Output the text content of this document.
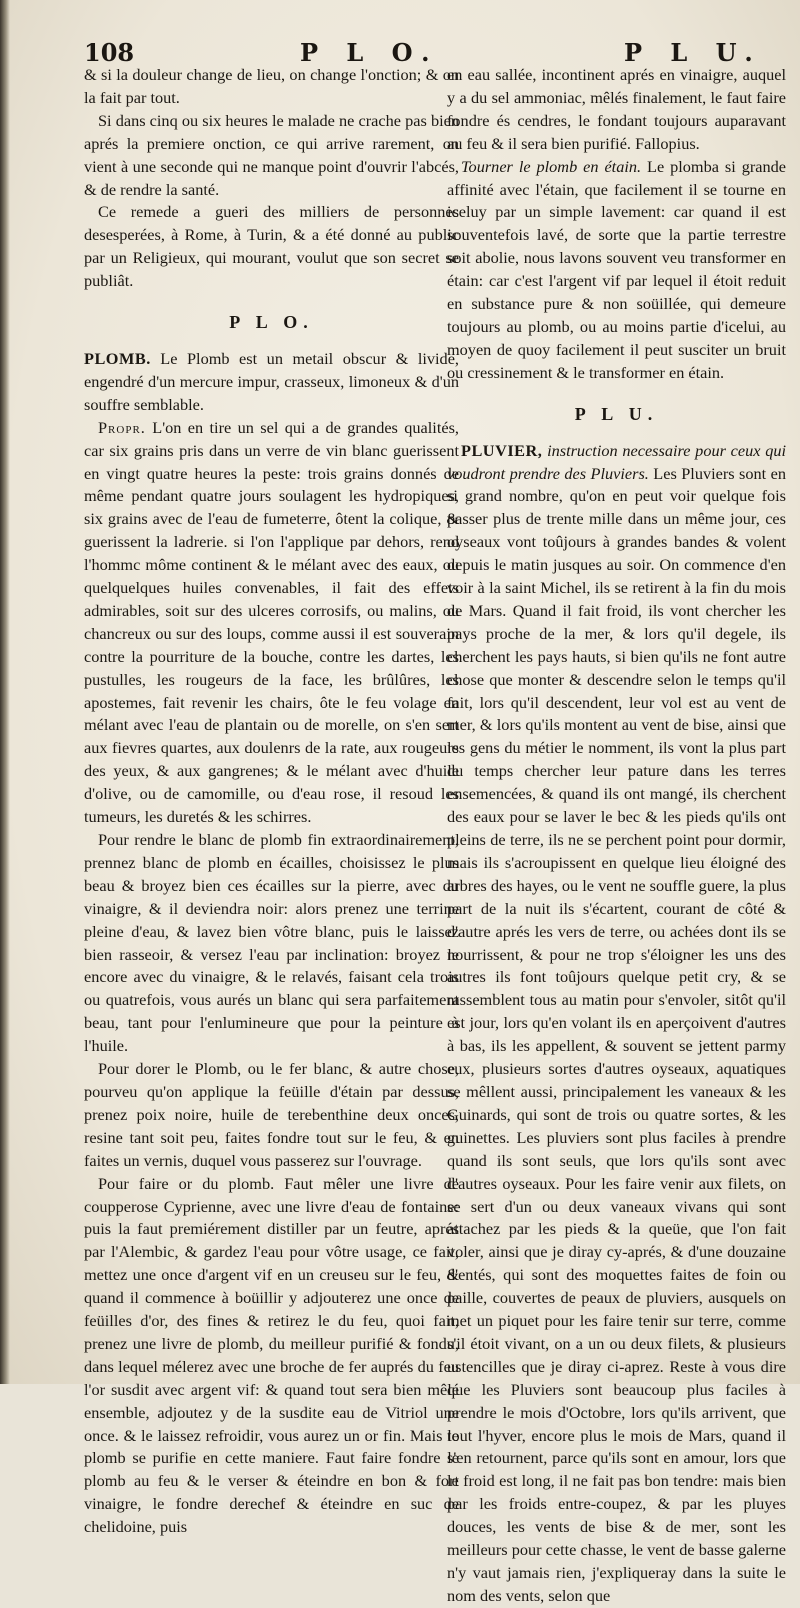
108	P L O.	P L U.

& si la douleur change de lieu, on change l'onction; & on la fait par tout.

Si dans cinq ou six heures le malade ne crache pas bien aprés la premiere onction, ce qui arrive rarement, on vient à une seconde qui ne manque point d'ouvrir l'abcés, & de rendre la santé.

Ce remede a gueri des milliers de personnes desesperées, à Rome, à Turin, & a été donné au public par un Religieux, qui mourant, voulut que son secret se publiât.

P L O.

PLOMB. Le Plomb est un metail obscur & livide, engendré d'un mercure impur, crasseux, limoneux & d'un souffre semblable.

Propr. L'on en tire un sel qui a de grandes qualités, car six grains pris dans un verre de vin blanc guerissent en vingt quatre heures la peste: trois grains donnés de même pendant quatre jours soulagent les hydropiques, six grains avec de l'eau de fumeterre, ôtent la colique, & guerissent la ladrerie. si l'on l'applique par dehors, rend l'hommc môme continent & le mélant avec des eaux, ou quelquelques huiles convenables, il fait des effets admirables, soit sur des ulceres corrosifs, ou malins, ou chancreux ou sur des loups, comme aussi il est souverain contre la pourriture de la bouche, contre les dartes, les pustulles, les rougeurs de la face, les brûlûres, les apostemes, fait revenir les chairs, ôte le feu volage en mélant avec l'eau de plantain ou de morelle, on s'en sert aux fievres quartes, aux doulenrs de la rate, aux rougeurs des yeux, & aux gangrenes; & le mélant avec d'huile d'olive, ou de camomille, ou d'eau rose, il resoud les tumeurs, les duretés & les schirres.

Pour rendre le blanc de plomb fin extraordinairement, prennez blanc de plomb en écailles, choisissez le plus beau & broyez bien ces écailles sur la pierre, avec du vinaigre, & il deviendra noir: alors prenez une terrine pleine d'eau, & lavez bien vôtre blanc, puis le laissez bien rasseoir, & versez l'eau par inclination: broyez le encore avec du vinaigre, & le relavés, faisant cela trois ou quatrefois, vous aurés un blanc qui sera parfaitement beau, tant pour l'enlumineure que pour la peinture à l'huile.

Pour dorer le Plomb, ou le fer blanc, & autre chose, pourveu qu'on applique la feüille d'étain par dessus, prenez poix noire, huile de terebenthine deux onces, resine tant soit peu, faites fondre tout sur le feu, & en faites un vernis, duquel vous passerez sur l'ouvrage.

Pour faire or du plomb. Faut mêler une livre de coupperose Cyprienne, avec une livre d'eau de fontaine: puis la faut premiérement distiller par un feutre, aprés par l'Alembic, & gardez l'eau pour vôtre usage, ce fait, mettez une once d'argent vif en un creuseu sur le feu, & quand il commence à boüillir y adjouterez une once de feüilles d'or, des fines & retirez le du feu, quoi fait, prenez une livre de plomb, du meilleur purifié & fondu, dans lequel mélerez avec une broche de fer auprés du feu l'or susdit avec argent vif: & quand tout sera bien mêlé ensemble, adjoutez y de la susdite eau de Vitriol une once. & le laissez refroidir, vous aurez un or fin. Mais le plomb se purifie en cette maniere. Faut faire fondre le plomb au feu & le verser & éteindre en bon & fort vinaigre, le fondre derechef & éteindre en suc de chelidoine, puis

en eau sallée, incontinent aprés en vinaigre, auquel y a du sel ammoniac, mêlés finalement, le faut faire fondre és cendres, le fondant toujours auparavant au feu & il sera bien purifié. Fallopius.

Tourner le plomb en étain. Le plomba si grande affinité avec l'étain, que facilement il se tourne en iceluy par un simple lavement: car quand il est souventefois lavé, de sorte que la partie terrestre soit abolie, nous lavons souvent veu transformer en étain: car c'est l'argent vif par lequel il étoit reduit en substance pure & non soüillée, qui demeure toujours au plomb, ou au moins partie d'icelui, au moyen de quoy facilement il peut susciter un bruit ou cressinement & le transformer en étain.

P L U.

PLUVIER, instruction necessaire pour ceux qui voudront prendre des Pluviers. Les Pluviers sont en si grand nombre, qu'on en peut voir quelque fois passer plus de trente mille dans un même jour, ces oyseaux vont toûjours à grandes bandes & volent depuis le matin jusques au soir. On commence d'en voir à la saint Michel, ils se retirent à la fin du mois de Mars. Quand il fait froid, ils vont chercher les pays proche de la mer, & lors qu'il degele, ils cherchent les pays hauts, si bien qu'ils ne font autre chose que monter & descendre selon le temps qu'il fait, lors qu'il descendent, leur vol est au vent de mer, & lors qu'ils montent au vent de bise, ainsi que les gens du métier le nomment, ils vont la plus part du temps chercher leur pature dans les terres ensemencées, & quand ils ont mangé, ils cherchent des eaux pour se laver le bec & les pieds qu'ils ont pleins de terre, ils ne se perchent point pour dormir, mais ils s'acroupissent en quelque lieu éloigné des arbres des hayes, ou le vent ne souffle guere, la plus part de la nuit ils s'écartent, courant de côté & d'autre aprés les vers de terre, ou achées dont ils se nourrissent, & pour ne trop s'éloigner les uns des autres ils font toûjours quelque petit cry, & se rassemblent tous au matin pour s'envoler, sitôt qu'il est jour, lors qu'en volant ils en aperçoivent d'autres à bas, ils les appellent, & souvent se jettent parmy eux, plusieurs sortes d'autres oyseaux, aquatiques se mêllent aussi, principalement les vaneaux & les Guinards, qui sont de trois ou quatre sortes, & les guinettes. Les pluviers sont plus faciles à prendre quand ils sont seuls, que lors qu'ils sont avec d'autres oyseaux. Pour les faire venir aux filets, on se sert d'un ou deux vaneaux vivans qui sont attachez par les pieds & la queüe, que l'on fait voler, ainsi que je diray cy-aprés, & d'une douzaine d'entés, qui sont des moquettes faites de foin ou paille, couvertes de peaux de pluviers, ausquels on met un piquet pour les faire tenir sur terre, comme s'il étoit vivant, on a un ou deux filets, & plusieurs ustencilles que je diray ci-aprez. Reste à vous dire que les Pluviers sont beaucoup plus faciles à prendre le mois d'Octobre, lors qu'ils arrivent, que tout l'hyver, encore plus le mois de Mars, quand il s'en retournent, parce qu'ils sont en amour, lors que le froid est long, il ne fait pas bon tendre: mais bien par les froids entre-coupez, & par les pluyes douces, les vents de bise & de mer, sont les meilleurs pour cette chasse, le vent de basse galerne n'y vaut jamais rien, j'expliqueray dans la suite le nom des vents, selon que
